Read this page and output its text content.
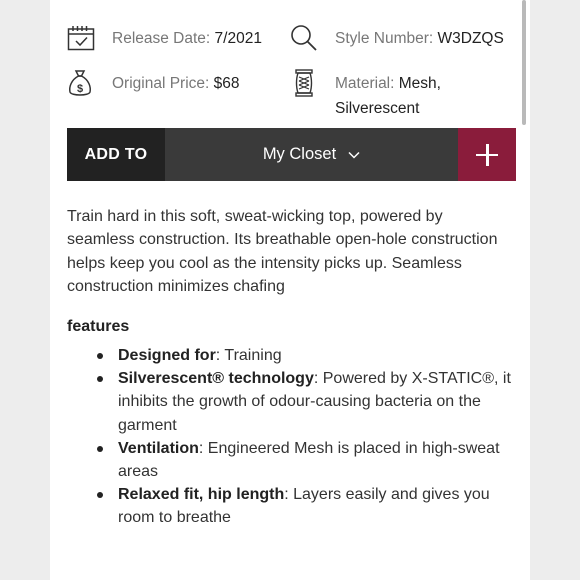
Release Date: 7/2021	Style Number: W3DZQS
$ Original Price: $68	Material: Mesh,
Silverescent
ADD TO	My Closet

Train hard in this soft, sweat-wicking top, powered by seamless construction. Its breathable open-hole construction helps keep you cool as the intensity picks up. Seamless construction minimizes chafing

features
Designed for: Training
Silverescent® technology: Powered by X-STATIC®, it inhibits the growth of odour-causing bacteria on the garment
Ventilation: Engineered Mesh is placed in high-sweat areas
Relaxed fit, hip length: Layers easily and gives you room to breathe
